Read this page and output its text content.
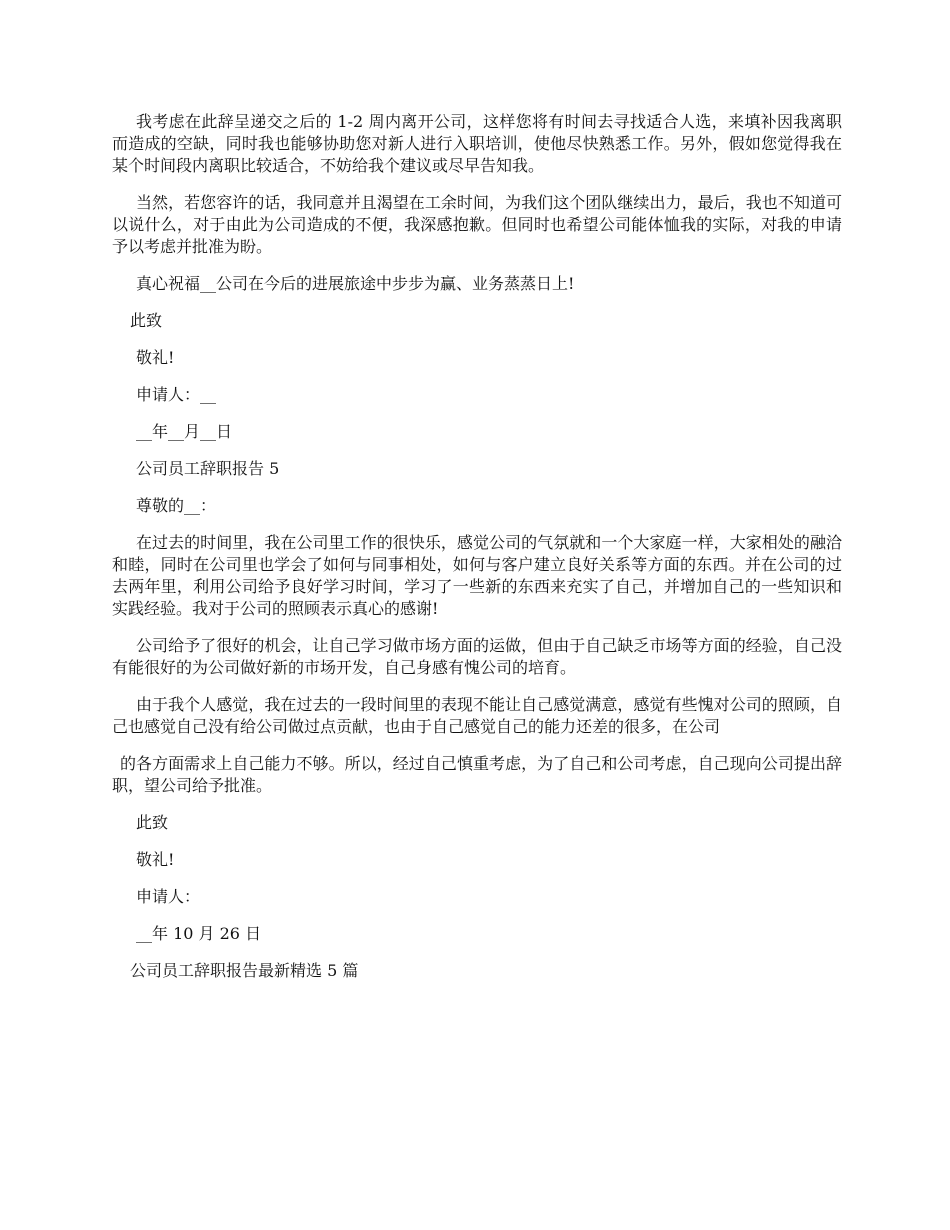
我考虑在此辞呈递交之后的 1-2 周内离开公司，这样您将有时间去寻找适合人选，来填补因我离职而造成的空缺，同时我也能够协助您对新人进行入职培训，使他尽快熟悉工作。另外，假如您觉得我在某个时间段内离职比较适合，不妨给我个建议或尽早告知我。

当然，若您容许的话，我同意并且渴望在工余时间，为我们这个团队继续出力，最后，我也不知道可以说什么，对于由此为公司造成的不便，我深感抱歉。但同时也希望公司能体恤我的实际，对我的申请予以考虑并批准为盼。

真心祝福__公司在今后的进展旅途中步步为赢、业务蒸蒸日上!
此致
敬礼!
申请人：__
__年__月__日
公司员工辞职报告 5
尊敬的__：

在过去的时间里，我在公司里工作的很快乐，感觉公司的气氛就和一个大家庭一样，大家相处的融洽和睦，同时在公司里也学会了如何与同事相处，如何与客户建立良好关系等方面的东西。并在公司的过去两年里，利用公司给予良好学习时间，学习了一些新的东西来充实了自己，并增加自己的一些知识和实践经验。我对于公司的照顾表示真心的感谢!

公司给予了很好的机会，让自己学习做市场方面的运做，但由于自己缺乏市场等方面的经验，自己没有能很好的为公司做好新的市场开发，自己身感有愧公司的培育。

由于我个人感觉，我在过去的一段时间里的表现不能让自己感觉满意，感觉有些愧对公司的照顾，自己也感觉自己没有给公司做过点贡献，也由于自己感觉自己的能力还差的很多，在公司

的各方面需求上自己能力不够。所以，经过自己慎重考虑，为了自己和公司考虑，自己现向公司提出辞职，望公司给予批准。

此致
敬礼!
申请人：
__年 10 月 26 日
公司员工辞职报告最新精选 5 篇
